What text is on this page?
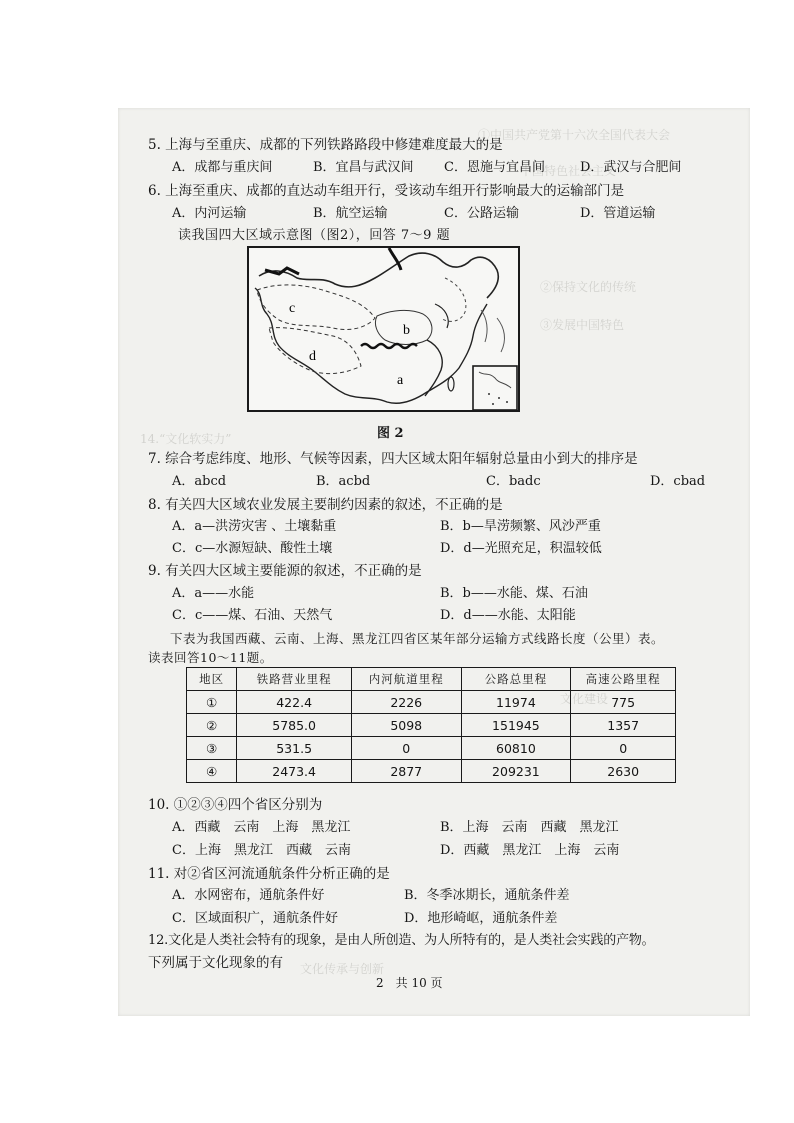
①中国共产党第十六次全国代表大会
中国特色社会主义
②保持文化的传统
③发展中国特色
14.“文化软实力”
文化建设
文化传承与创新
5. 上海与至重庆、成都的下列铁路路段中修建难度最大的是
A．成都与重庆间	B．宜昌与武汉间 C．恩施与宜昌间	D．武汉与合肥间
6. 上海至重庆、成都的直达动车组开行，受该动车组开行影响最大的运输部门是
A．内河运输	B．航空运输	C．公路运输	D．管道运输
读我国四大区域示意图（图2），回答 7～9 题
c
b
d
a
图 2
7. 综合考虑纬度、地形、气候等因素，四大区域太阳年辐射总量由小到大的排序是
A．abcd	B．acbd	C．badc	D．cbad
8. 有关四大区域农业发展主要制约因素的叙述，不正确的是
A．a—洪涝灾害 、土壤黏重	B．b—旱涝频繁、风沙严重
C．c—水源短缺、酸性土壤	D．d—光照充足，积温较低
9. 有关四大区域主要能源的叙述，不正确的是
A．a——水能	B．b——水能、煤、石油
C．c——煤、石油、天然气	D．d——水能、太阳能
下表为我国西藏、云南、上海、黑龙江四省区某年部分运输方式线路长度（公里）表。
读表回答10～11题。
地区	铁路营业里程	内河航道里程	公路总里程	高速公路里程
①	422.4	2226	11974	775
②	5785.0	5098	151945	1357
③	531.5	0	60810	0
④	2473.4	2877	209231	2630
10. ①②③④四个省区分别为
A．西藏　云南　上海　黑龙江	B．上海　云南　西藏　黑龙江
C．上海　黑龙江　西藏　云南	D．西藏　黑龙江　上海　云南
11. 对②省区河流通航条件分析正确的是
A．水网密布，通航条件好	B．冬季冰期长，通航条件差
C．区域面积广，通航条件好	D．地形崎岖，通航条件差
12.文化是人类社会特有的现象，是由人所创造、为人所特有的，是人类社会实践的产物。
下列属于文化现象的有
2　共 10 页
